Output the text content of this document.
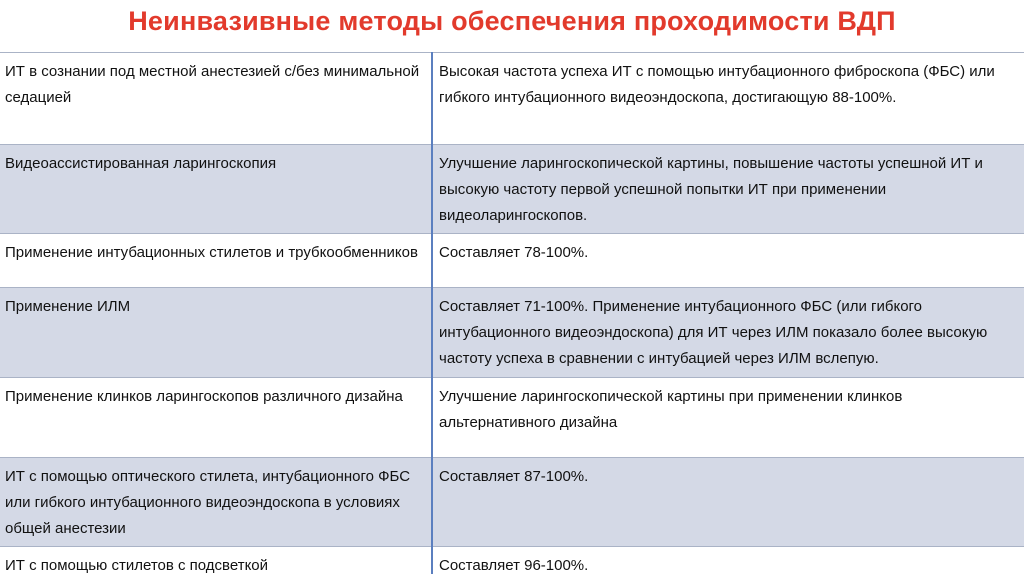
Неинвазивные методы обеспечения проходимости ВДП
ИТ в сознании под местной анестезией с/без минимальной седацией	Высокая частота успеха ИТ с помощью интубационного фиброскопа (ФБС) или гибкого интубационного видеоэндоскопа, достигающую 88-100%.
Видеоассистированная ларингоскопия	Улучшение ларингоскопической картины, повышение частоты успешной ИТ и высокую частоту первой успешной попытки ИТ при применении видеоларингоскопов.
Применение интубационных стилетов и трубкообменников	Составляет 78-100%.
Применение ИЛМ	Составляет 71-100%. Применение интубационного ФБС (или гибкого интубационного видеоэндоскопа) для ИТ через ИЛМ показало более высокую частоту успеха в сравнении с интубацией через ИЛМ вслепую.
Применение клинков ларингоскопов различного дизайна	Улучшение ларингоскопической картины при применении клинков альтернативного дизайна
ИТ с помощью оптического стилета, интубационного ФБС или гибкого интубационного видеоэндоскопа в условиях общей анестезии	Составляет 87-100%.
ИТ с помощью стилетов с подсветкой	Составляет 96-100%.
